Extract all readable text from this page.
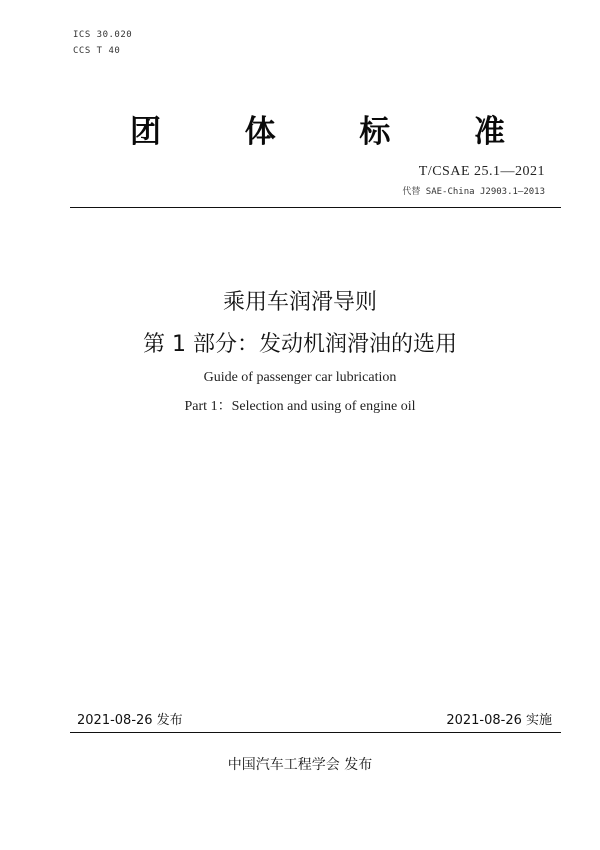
ICS 30.020
CCS T 40
团	体	标	准
T/CSAE 25.1—2021
代替 SAE-China J2903.1—2013
乘用车润滑导则
第 1 部分：发动机润滑油的选用
Guide of passenger car lubrication
Part 1：Selection and using of engine oil
2021-08-26 发布	2021-08-26 实施
中国汽车工程学会 发布
